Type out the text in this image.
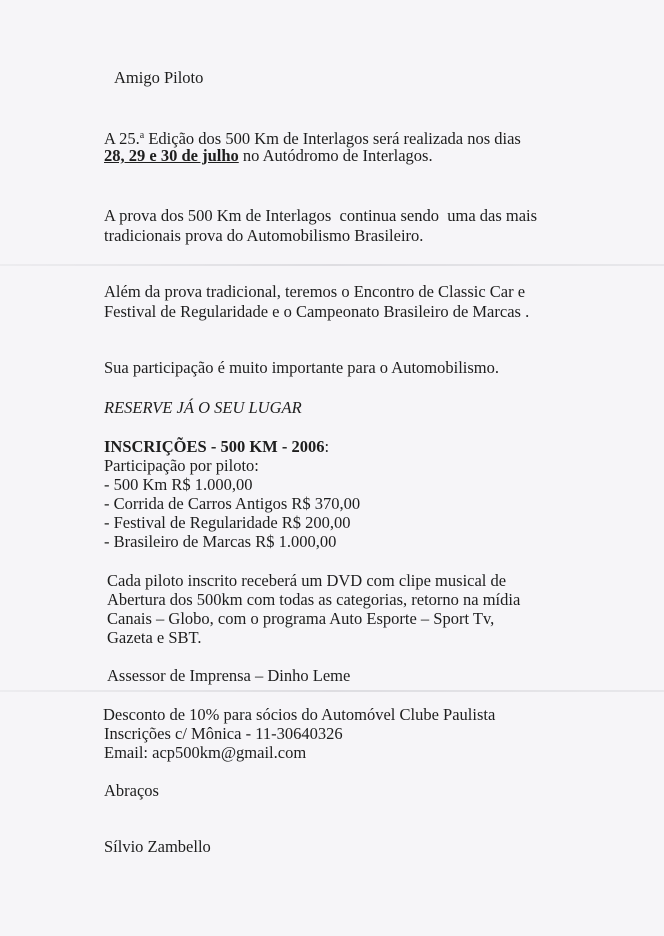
Amigo Piloto
A 25.$^a$ Edição dos 500 Km de Interlagos será realizada nos dias
28, 29 e 30 de julho no Autódromo de Interlagos.
A prova dos 500 Km de Interlagos  continua sendo  uma das mais
tradicionais prova do Automobilismo Brasileiro.
Além da prova tradicional, teremos o Encontro de Classic Car e
Festival de Regularidade e o Campeonato Brasileiro de Marcas .
Sua participação é muito importante para o Automobilismo.
RESERVE JÁ O SEU LUGAR
INSCRIÇÕES - 500 KM - 2006:
Participação por piloto:
- 500 Km R$ 1.000,00
- Corrida de Carros Antigos R$ 370,00
- Festival de Regularidade R$ 200,00
- Brasileiro de Marcas R$ 1.000,00
Cada piloto inscrito receberá um DVD com clipe musical de
Abertura dos 500km com todas as categorias, retorno na mídia
Canais – Globo, com o programa Auto Esporte – Sport Tv,
Gazeta e SBT.
Assessor de Imprensa – Dinho Leme
Desconto de 10% para sócios do Automóvel Clube Paulista
Inscrições c/ Mônica - 11-30640326
Email: acp500km@gmail.com
Abraços
Sílvio Zambello
